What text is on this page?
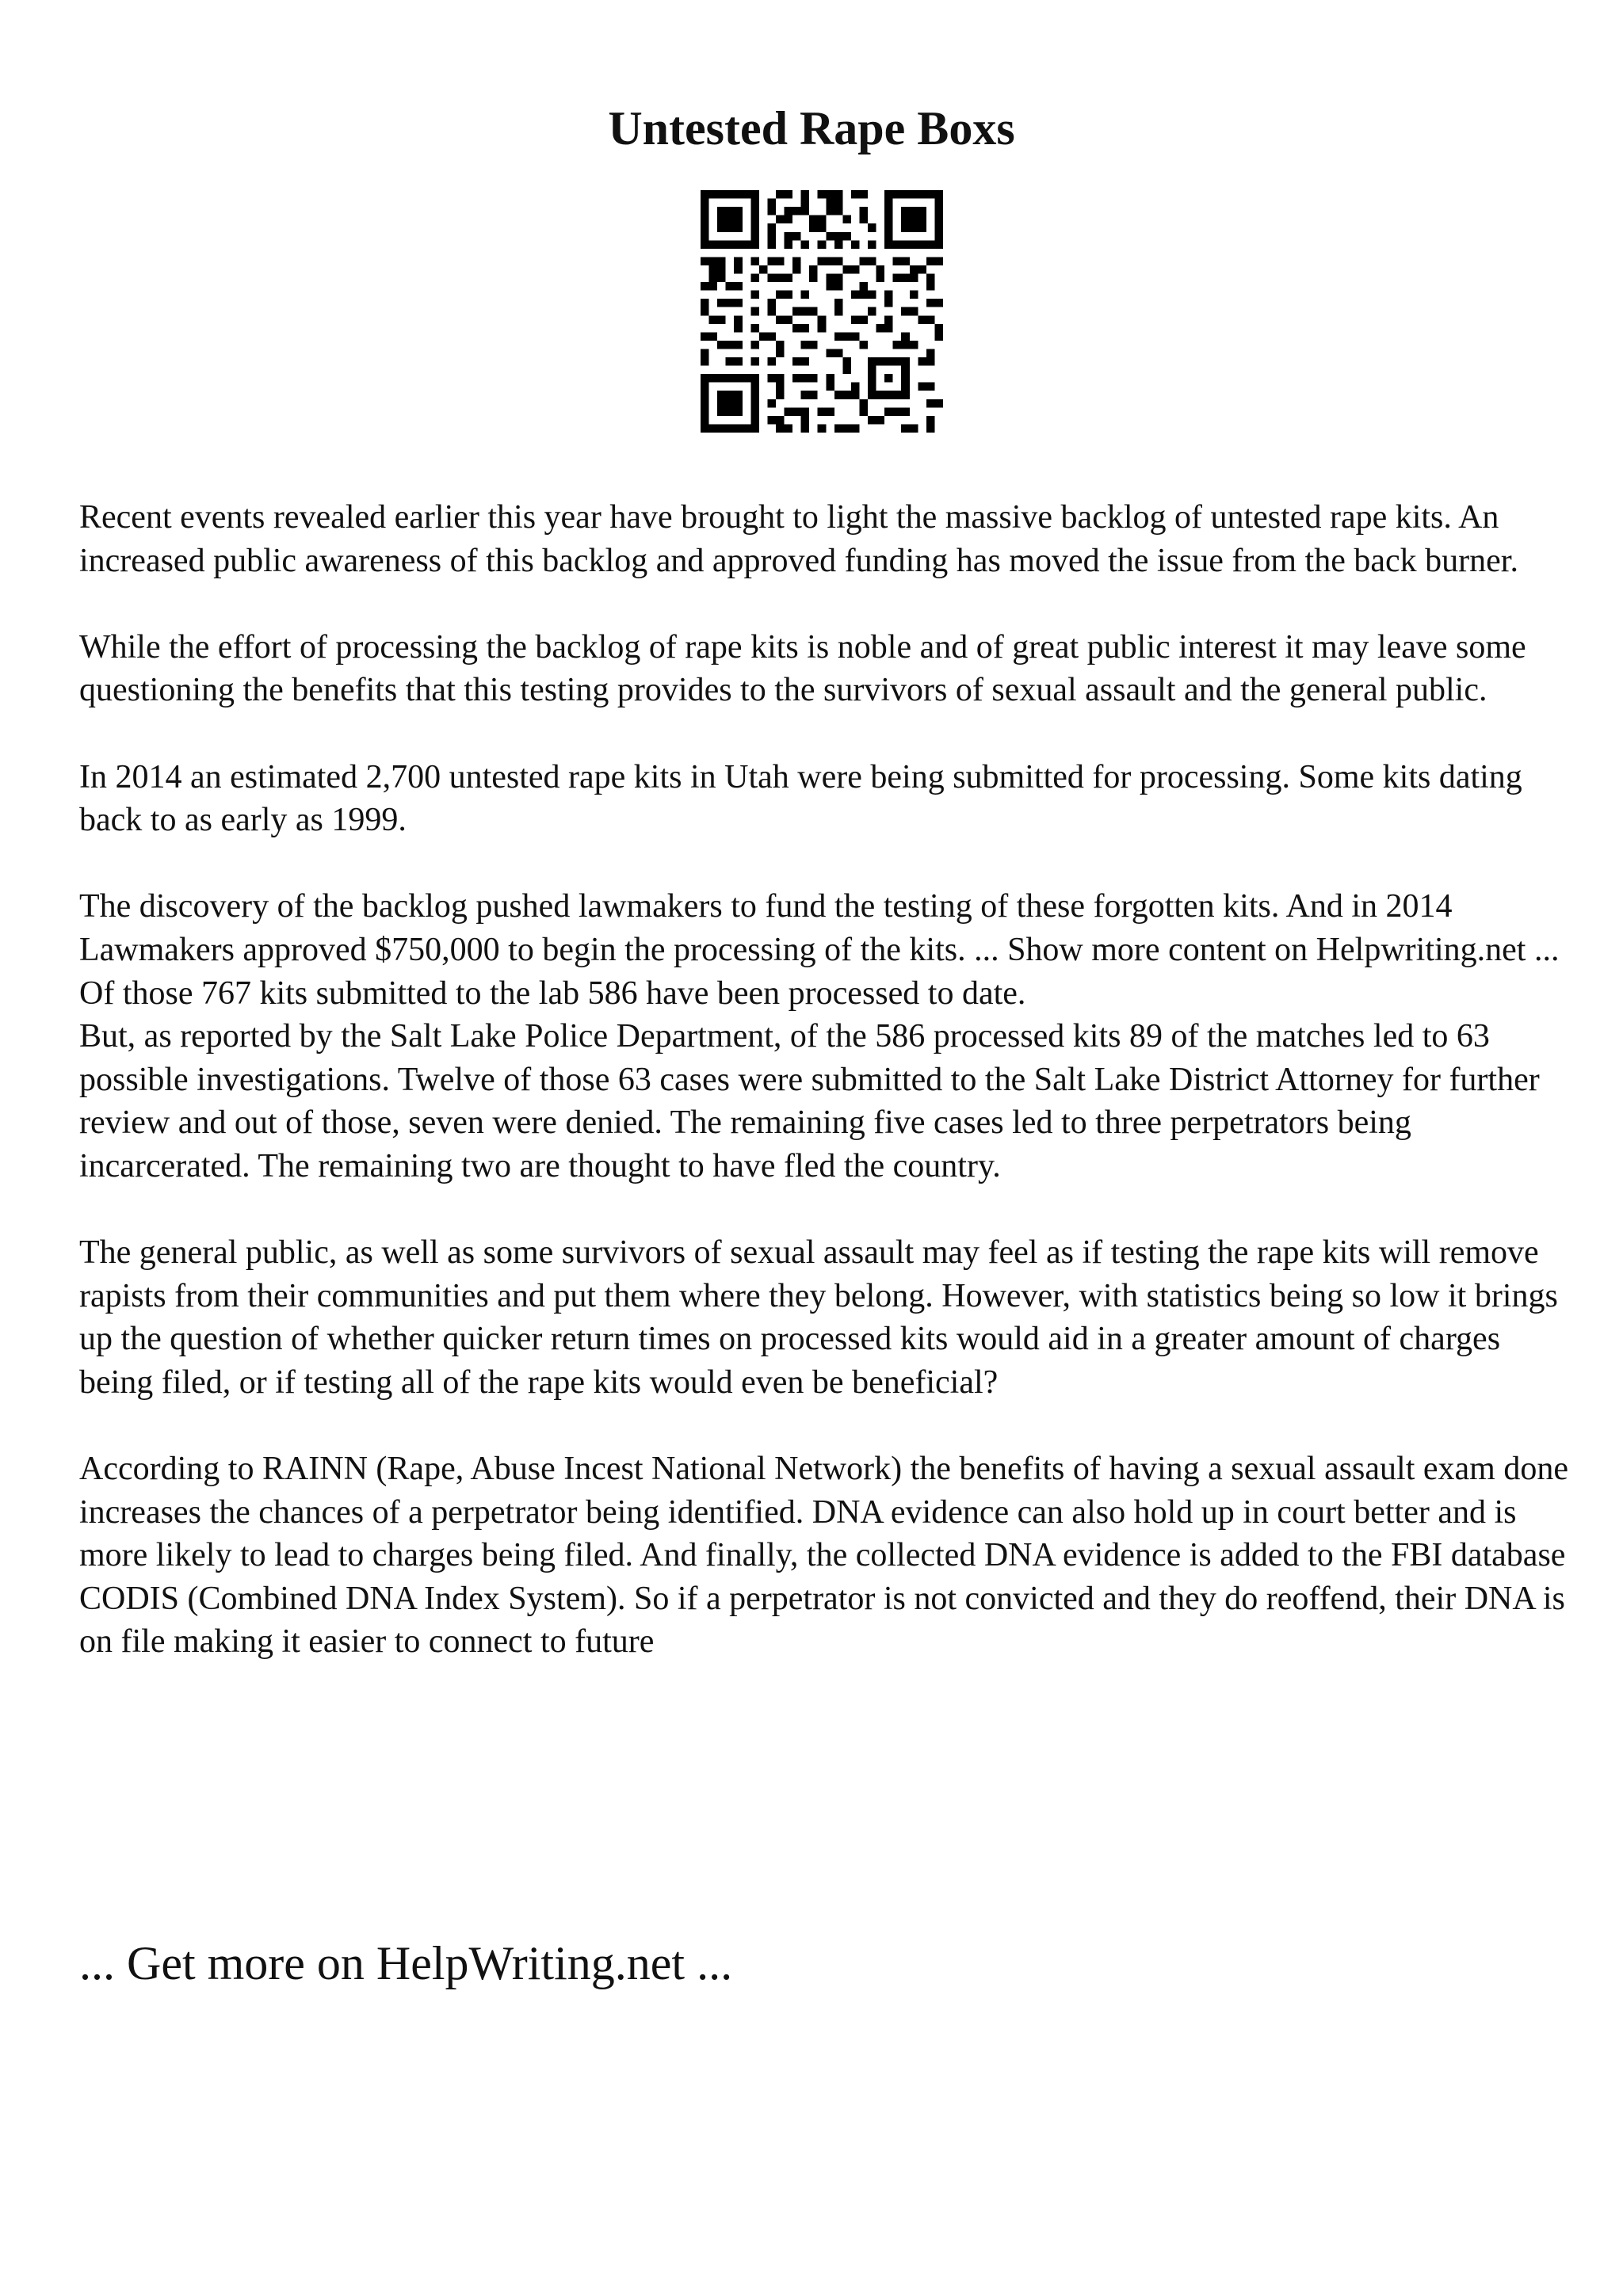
Untested Rape Boxs

Recent events revealed earlier this year have brought to light the massive backlog of untested rape kits. An increased public awareness of this backlog and approved funding has moved the issue from the back burner.

While the effort of processing the backlog of rape kits is noble and of great public interest it may leave some questioning the benefits that this testing provides to the survivors of sexual assault and the general public.

In 2014 an estimated 2,700 untested rape kits in Utah were being submitted for processing. Some kits dating back to as early as 1999.

The discovery of the backlog pushed lawmakers to fund the testing of these forgotten kits. And in 2014 Lawmakers approved $750,000 to begin the processing of the kits. ... Show more content on Helpwriting.net ...

Of those 767 kits submitted to the lab 586 have been processed to date.

But, as reported by the Salt Lake Police Department, of the 586 processed kits 89 of the matches led to 63 possible investigations. Twelve of those 63 cases were submitted to the Salt Lake District Attorney for further review and out of those, seven were denied. The remaining five cases led to three perpetrators being incarcerated. The remaining two are thought to have fled the country.

The general public, as well as some survivors of sexual assault may feel as if testing the rape kits will remove rapists from their communities and put them where they belong. However, with statistics being so low it brings up the question of whether quicker return times on processed kits would aid in a greater amount of charges being filed, or if testing all of the rape kits would even be beneficial?

According to RAINN (Rape, Abuse Incest National Network) the benefits of having a sexual assault exam done increases the chances of a perpetrator being identified. DNA evidence can also hold up in court better and is more likely to lead to charges being filed. And finally, the collected DNA evidence is added to the FBI database CODIS (Combined DNA Index System). So if a perpetrator is not convicted and they do reoffend, their DNA is on file making it easier to connect to future

... Get more on HelpWriting.net ...
